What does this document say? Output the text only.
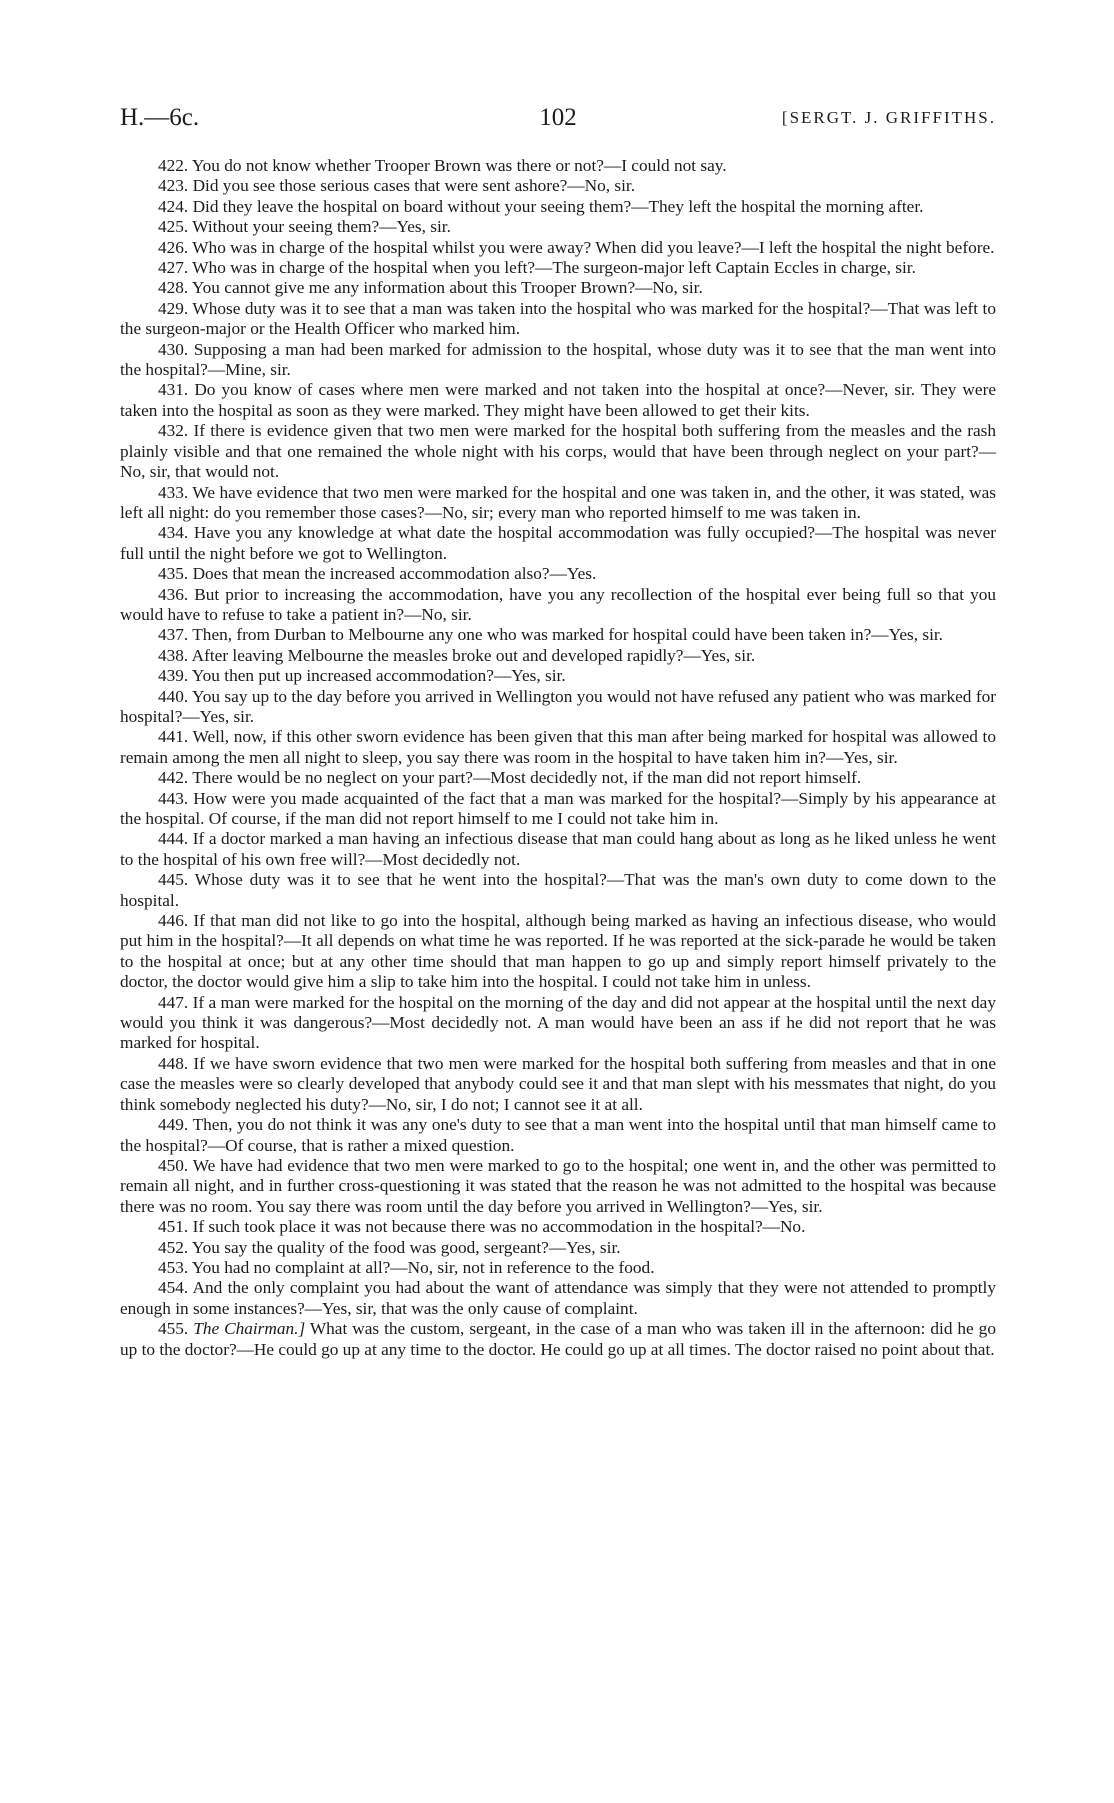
H.—6c.	102	[SERGT. J. GRIFFITHS.

422. You do not know whether Trooper Brown was there or not?—I could not say.

423. Did you see those serious cases that were sent ashore?—No, sir.

424. Did they leave the hospital on board without your seeing them?—They left the hospital the morning after.

425. Without your seeing them?—Yes, sir.

426. Who was in charge of the hospital whilst you were away? When did you leave?—I left the hospital the night before.

427. Who was in charge of the hospital when you left?—The surgeon-major left Captain Eccles in charge, sir.

428. You cannot give me any information about this Trooper Brown?—No, sir.

429. Whose duty was it to see that a man was taken into the hospital who was marked for the hospital?—That was left to the surgeon-major or the Health Officer who marked him.

430. Supposing a man had been marked for admission to the hospital, whose duty was it to see that the man went into the hospital?—Mine, sir.

431. Do you know of cases where men were marked and not taken into the hospital at once?—Never, sir. They were taken into the hospital as soon as they were marked. They might have been allowed to get their kits.

432. If there is evidence given that two men were marked for the hospital both suffering from the measles and the rash plainly visible and that one remained the whole night with his corps, would that have been through neglect on your part?—No, sir, that would not.

433. We have evidence that two men were marked for the hospital and one was taken in, and the other, it was stated, was left all night: do you remember those cases?—No, sir; every man who reported himself to me was taken in.

434. Have you any knowledge at what date the hospital accommodation was fully occupied?—The hospital was never full until the night before we got to Wellington.

435. Does that mean the increased accommodation also?—Yes.

436. But prior to increasing the accommodation, have you any recollection of the hospital ever being full so that you would have to refuse to take a patient in?—No, sir.

437. Then, from Durban to Melbourne any one who was marked for hospital could have been taken in?—Yes, sir.

438. After leaving Melbourne the measles broke out and developed rapidly?—Yes, sir.

439. You then put up increased accommodation?—Yes, sir.

440. You say up to the day before you arrived in Wellington you would not have refused any patient who was marked for hospital?—Yes, sir.

441. Well, now, if this other sworn evidence has been given that this man after being marked for hospital was allowed to remain among the men all night to sleep, you say there was room in the hospital to have taken him in?—Yes, sir.

442. There would be no neglect on your part?—Most decidedly not, if the man did not report himself.

443. How were you made acquainted of the fact that a man was marked for the hospital?—Simply by his appearance at the hospital. Of course, if the man did not report himself to me I could not take him in.

444. If a doctor marked a man having an infectious disease that man could hang about as long as he liked unless he went to the hospital of his own free will?—Most decidedly not.

445. Whose duty was it to see that he went into the hospital?—That was the man's own duty to come down to the hospital.

446. If that man did not like to go into the hospital, although being marked as having an infectious disease, who would put him in the hospital?—It all depends on what time he was reported. If he was reported at the sick-parade he would be taken to the hospital at once; but at any other time should that man happen to go up and simply report himself privately to the doctor, the doctor would give him a slip to take him into the hospital. I could not take him in unless.

447. If a man were marked for the hospital on the morning of the day and did not appear at the hospital until the next day would you think it was dangerous?—Most decidedly not. A man would have been an ass if he did not report that he was marked for hospital.

448. If we have sworn evidence that two men were marked for the hospital both suffering from measles and that in one case the measles were so clearly developed that anybody could see it and that man slept with his messmates that night, do you think somebody neglected his duty?—No, sir, I do not; I cannot see it at all.

449. Then, you do not think it was any one's duty to see that a man went into the hospital until that man himself came to the hospital?—Of course, that is rather a mixed question.

450. We have had evidence that two men were marked to go to the hospital; one went in, and the other was permitted to remain all night, and in further cross-questioning it was stated that the reason he was not admitted to the hospital was because there was no room. You say there was room until the day before you arrived in Wellington?—Yes, sir.

451. If such took place it was not because there was no accommodation in the hospital?—No.

452. You say the quality of the food was good, sergeant?—Yes, sir.

453. You had no complaint at all?—No, sir, not in reference to the food.

454. And the only complaint you had about the want of attendance was simply that they were not attended to promptly enough in some instances?—Yes, sir, that was the only cause of complaint.

455. The Chairman.] What was the custom, sergeant, in the case of a man who was taken ill in the afternoon: did he go up to the doctor?—He could go up at any time to the doctor. He could go up at all times. The doctor raised no point about that.
